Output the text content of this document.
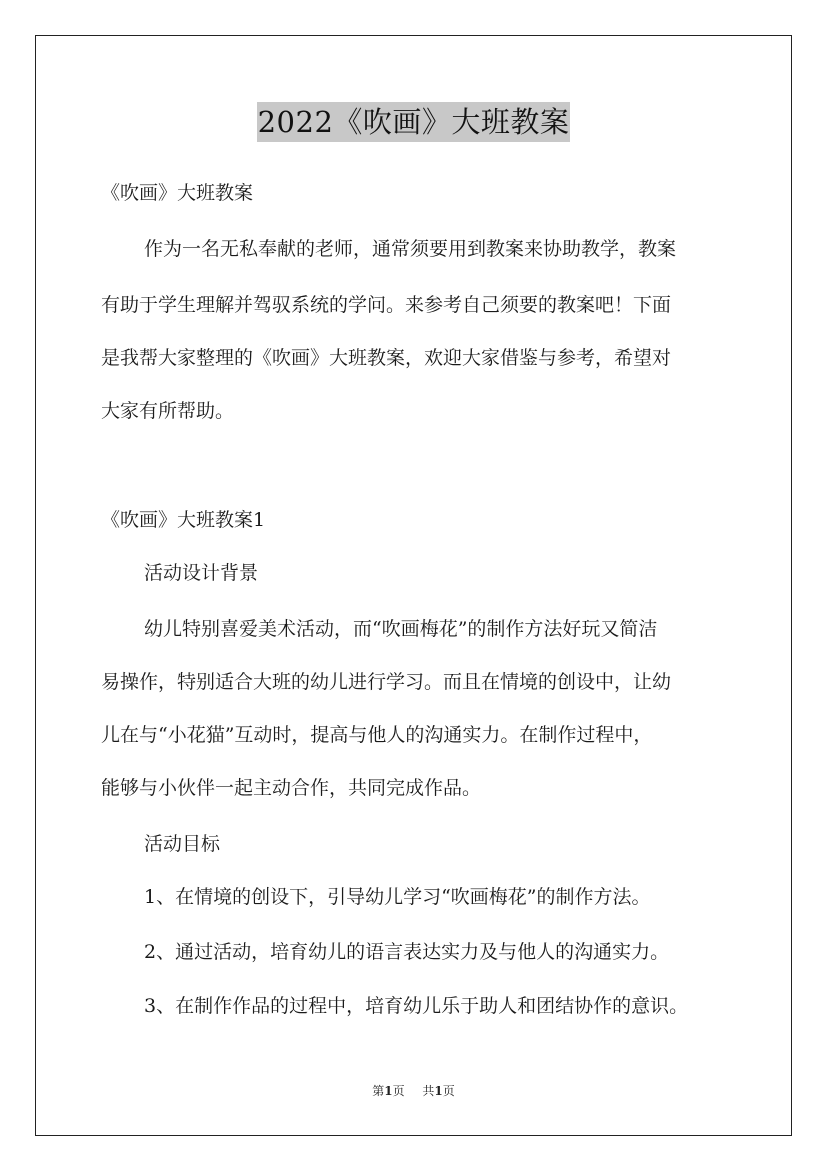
2022《吹画》大班教案
《吹画》大班教案
作为一名无私奉献的老师，通常须要用到教案来协助教学，教案
有助于学生理解并驾驭系统的学问。来参考自己须要的教案吧！下面
是我帮大家整理的《吹画》大班教案，欢迎大家借鉴与参考，希望对
大家有所帮助。
《吹画》大班教案1
活动设计背景
幼儿特别喜爱美术活动，而“吹画梅花”的制作方法好玩又简洁
易操作，特别适合大班的幼儿进行学习。而且在情境的创设中，让幼
儿在与“小花猫”互动时，提高与他人的沟通实力。在制作过程中，
能够与小伙伴一起主动合作，共同完成作品。
活动目标
1、在情境的创设下，引导幼儿学习“吹画梅花”的制作方法。
2、通过活动，培育幼儿的语言表达实力及与他人的沟通实力。
3、在制作作品的过程中，培育幼儿乐于助人和团结协作的意识。
第1页 共1页
